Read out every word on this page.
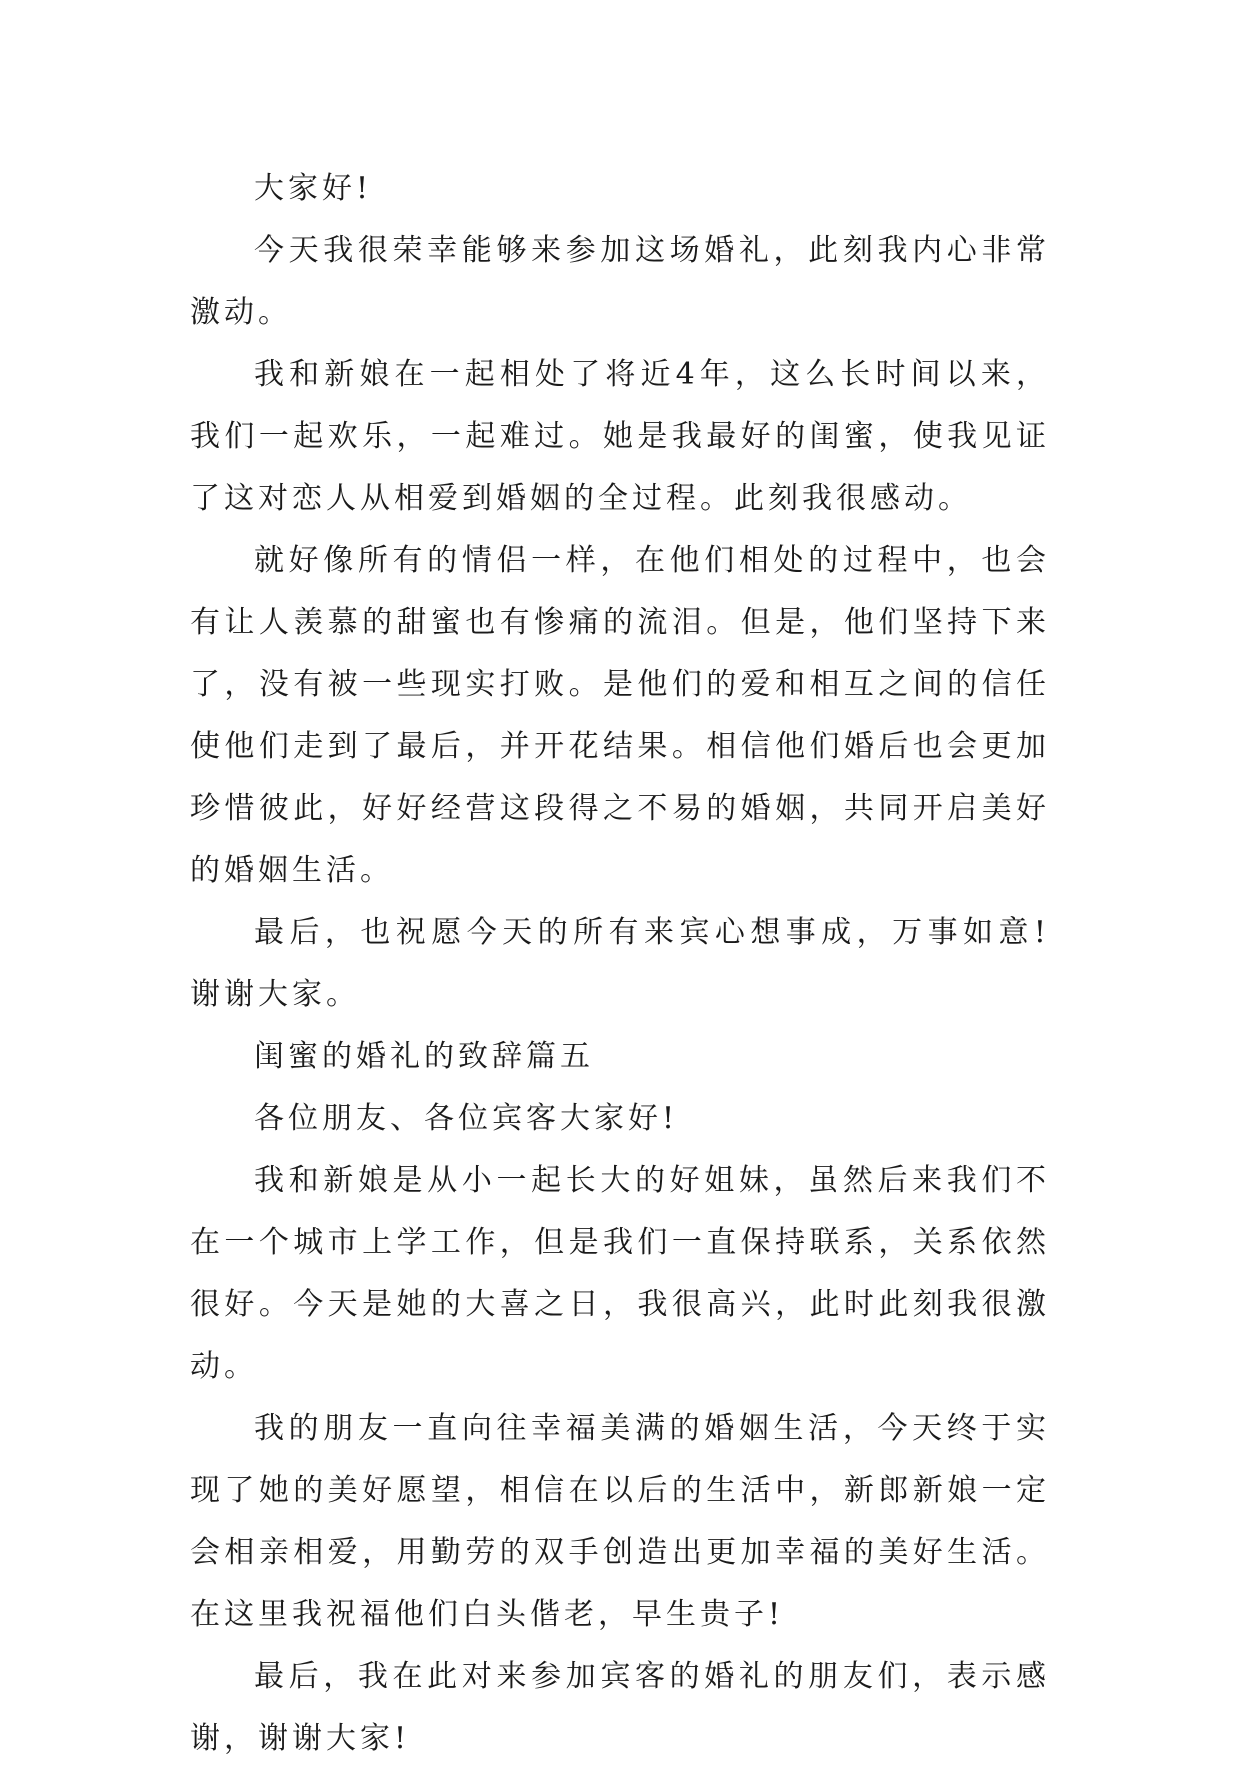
大家好!

今天我很荣幸能够来参加这场婚礼，此刻我内心非常激动。

我和新娘在一起相处了将近4年，这么长时间以来，我们一起欢乐，一起难过。她是我最好的闺蜜，使我见证了这对恋人从相爱到婚姻的全过程。此刻我很感动。

就好像所有的情侣一样，在他们相处的过程中，也会有让人羡慕的甜蜜也有惨痛的流泪。但是，他们坚持下来了，没有被一些现实打败。是他们的爱和相互之间的信任使他们走到了最后，并开花结果。相信他们婚后也会更加珍惜彼此，好好经营这段得之不易的婚姻，共同开启美好的婚姻生活。

最后，也祝愿今天的所有来宾心想事成，万事如意!谢谢大家。

闺蜜的婚礼的致辞篇五

各位朋友、各位宾客大家好!

我和新娘是从小一起长大的好姐妹，虽然后来我们不在一个城市上学工作，但是我们一直保持联系，关系依然很好。今天是她的大喜之日，我很高兴，此时此刻我很激动。

我的朋友一直向往幸福美满的婚姻生活，今天终于实现了她的美好愿望，相信在以后的生活中，新郎新娘一定会相亲相爱，用勤劳的双手创造出更加幸福的美好生活。在这里我祝福他们白头偕老，早生贵子!

最后，我在此对来参加宾客的婚礼的朋友们，表示感谢，谢谢大家!
